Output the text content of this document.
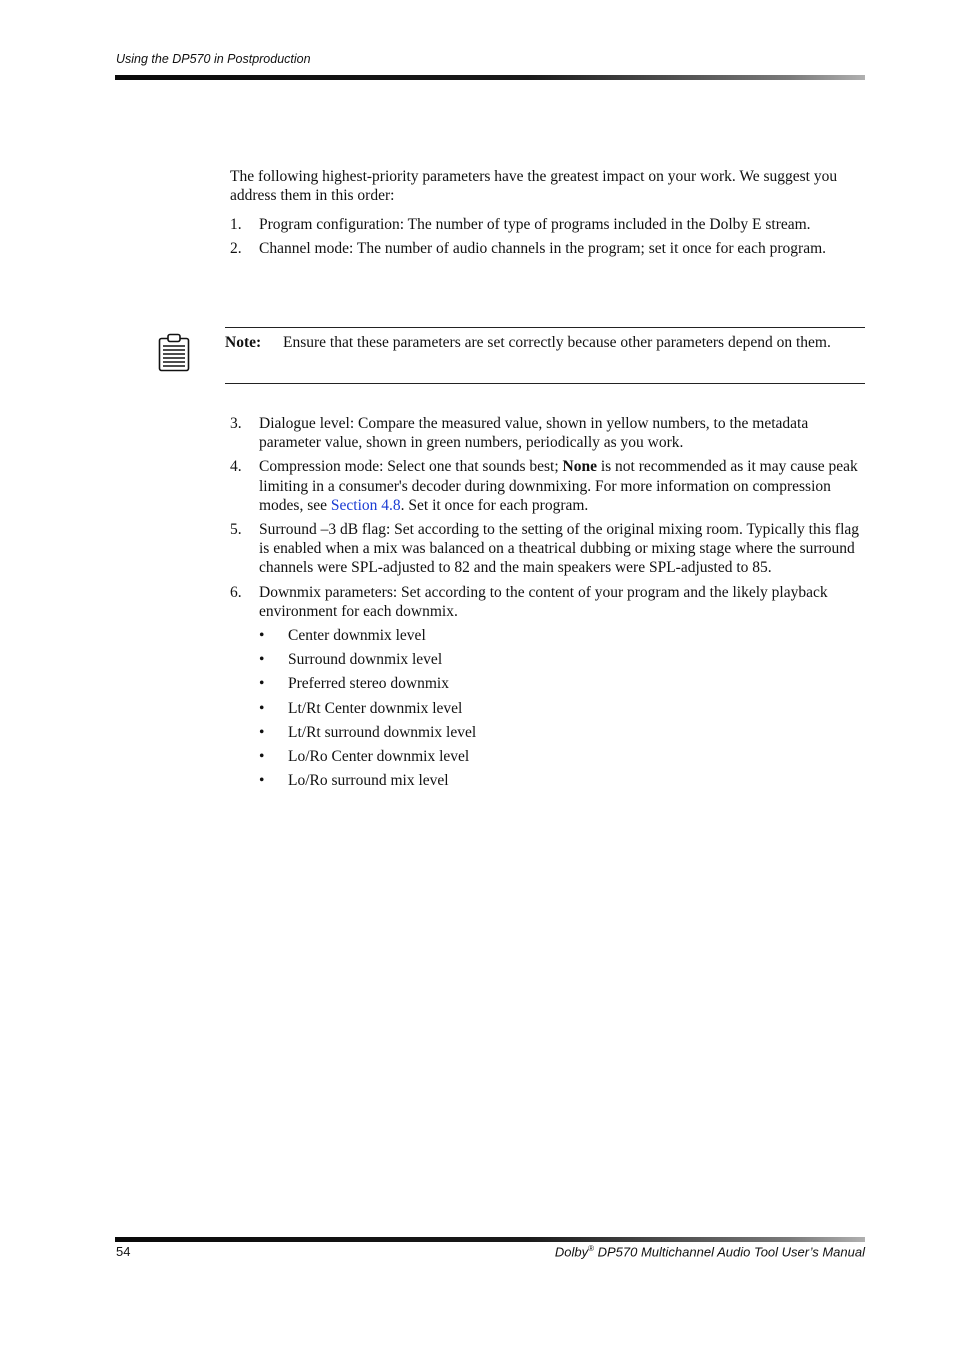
Using the DP570 in Postproduction

The following highest-priority parameters have the greatest impact on your work. We suggest you address them in this order:

1. Program configuration: The number of type of programs included in the Dolby E stream.
2. Channel mode: The number of audio channels in the program; set it once for each program.
Note: Ensure that these parameters are set correctly because other parameters depend on them.
3. Dialogue level: Compare the measured value, shown in yellow numbers, to the metadata parameter value, shown in green numbers, periodically as you work.
4. Compression mode: Select one that sounds best; None is not recommended as it may cause peak limiting in a consumer's decoder during downmixing. For more information on compression modes, see Section 4.8. Set it once for each program.
5. Surround –3 dB flag: Set according to the setting of the original mixing room. Typically this flag is enabled when a mix was balanced on a theatrical dubbing or mixing stage where the surround channels were SPL-adjusted to 82 and the main speakers were SPL-adjusted to 85.
6. Downmix parameters: Set according to the content of your program and the likely playback environment for each downmix.
• Center downmix level
• Surround downmix level
• Preferred stereo downmix
• Lt/Rt Center downmix level
• Lt/Rt surround downmix level
• Lo/Ro Center downmix level
• Lo/Ro surround mix level
54	Dolby® DP570 Multichannel Audio Tool User’s Manual
